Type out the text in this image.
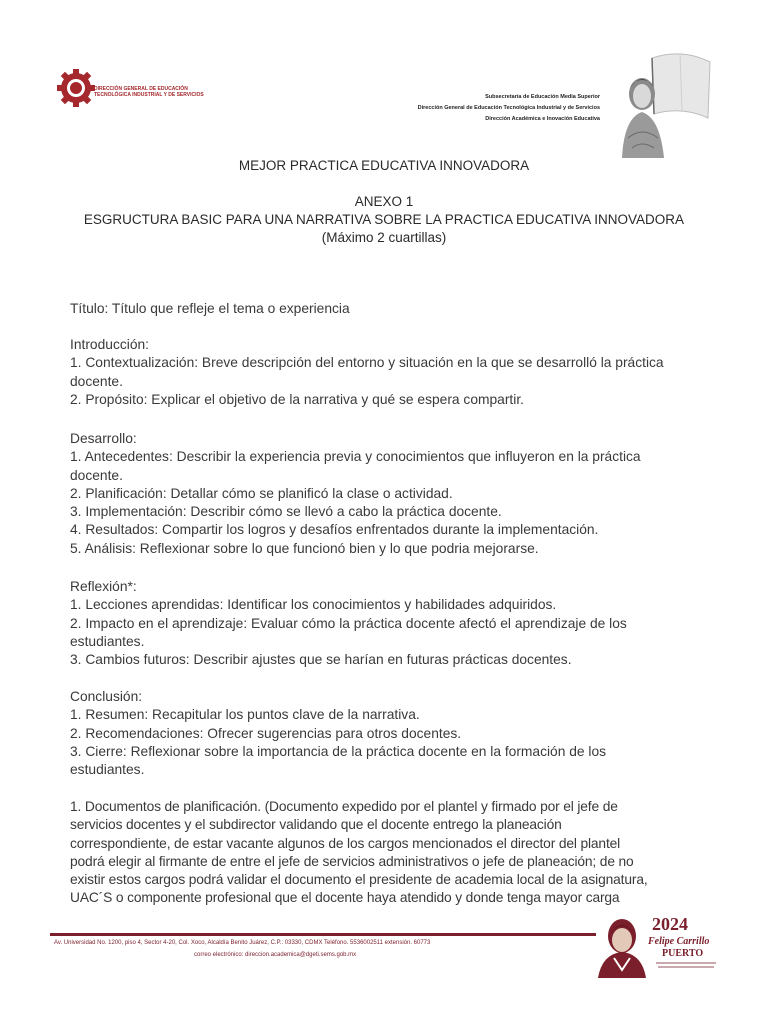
DIRECCIÓN GENERAL DE EDUCACIÓN
TECNOLÓGICA INDUSTRIAL Y DE SERVICIOS	Subsecretaría de Educación Media Superior
Dirección General de Educación Tecnológica Industrial y de Servicios
Dirección Académica e Inovación Educativa
MEJOR PRACTICA EDUCATIVA INNOVADORA
ANEXO 1
ESGRUCTURA BASIC PARA UNA NARRATIVA SOBRE LA PRACTICA EDUCATIVA INNOVADORA
(Máximo 2 cuartillas)
Título: Título que refleje el tema o experiencia
Introducción:
1. Contextualización: Breve descripción del entorno y situación en la que se desarrolló la práctica
docente.
2. Propósito: Explicar el objetivo de la narrativa y qué se espera compartir.
Desarrollo:
1. Antecedentes: Describir la experiencia previa y conocimientos que influyeron en la práctica
docente.
2. Planificación: Detallar cómo se planificó la clase o actividad.
3. Implementación: Describir cómo se llevó a cabo la práctica docente.
4. Resultados: Compartir los logros y desafíos enfrentados durante la implementación.
5. Análisis: Reflexionar sobre lo que funcionó bien y lo que podria mejorarse.
Reflexión*:
1. Lecciones aprendidas: Identificar los conocimientos y habilidades adquiridos.
2. Impacto en el aprendizaje: Evaluar cómo la práctica docente afectó el aprendizaje de los
estudiantes.
3. Cambios futuros: Describir ajustes que se harían en futuras prácticas docentes.
Conclusión:
1. Resumen: Recapitular los puntos clave de la narrativa.
2. Recomendaciones: Ofrecer sugerencias para otros docentes.
3. Cierre: Reflexionar sobre la importancia de la práctica docente en la formación de los
estudiantes.
1. Documentos de planificación. (Documento expedido por el plantel y firmado por el jefe de
servicios docentes y el subdirector validando que el docente entrego la planeación
correspondiente, de estar vacante algunos de los cargos mencionados el director del plantel
podrá elegir al firmante de entre el jefe de servicios administrativos o jefe de planeación; de no
existir estos cargos podrá validar el documento el presidente de academia local de la asignatura,
UAC´S o componente profesional que el docente haya atendido y donde tenga mayor carga
Av. Universidad No. 1200, piso 4, Sector 4-20, Col. Xoco, Alcaldía Benito Juárez, C.P.: 03330, CDMX Teléfono. 5536002511 extensión. 60773
correo electrónico: direccion.academica@dgeti.sems.gob.mx
2024
Felipe Carrillo
PUERTO
